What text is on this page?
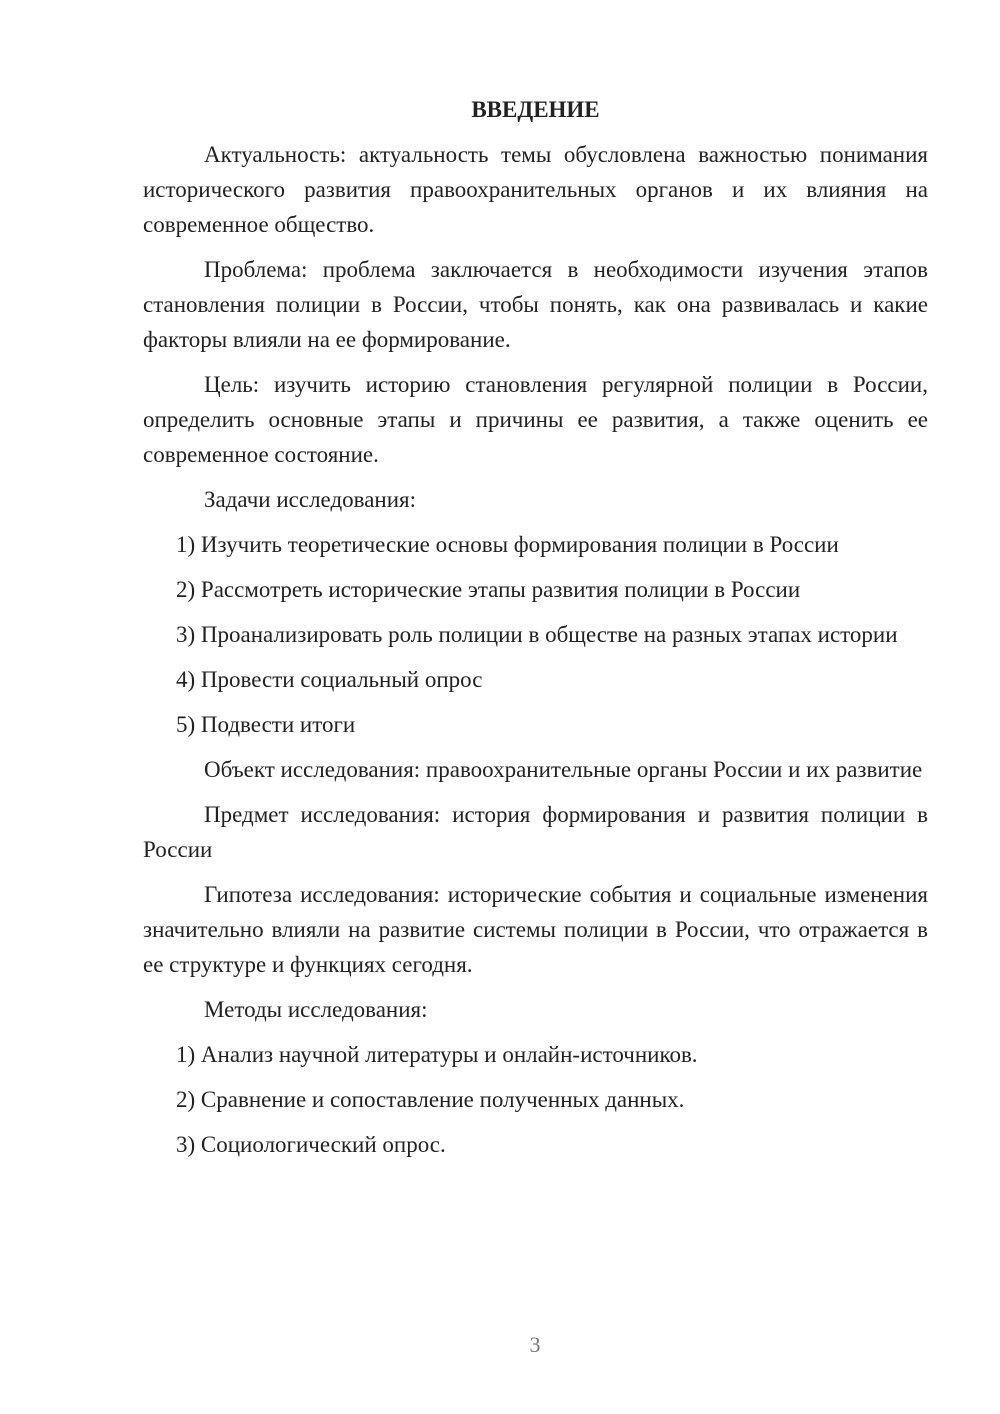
ВВЕДЕНИЕ

Актуальность: актуальность темы обусловлена важностью понимания исторического развития правоохранительных органов и их влияния на современное общество.

Проблема: проблема заключается в необходимости изучения этапов становления полиции в России, чтобы понять, как она развивалась и какие факторы влияли на ее формирование.

Цель: изучить историю становления регулярной полиции в России, определить основные этапы и причины ее развития, а также оценить ее современное состояние.

Задачи исследования:

1) Изучить теоретические основы формирования полиции в России

2) Рассмотреть исторические этапы развития полиции в России

3) Проанализировать роль полиции в обществе на разных этапах истории

4) Провести социальный опрос

5) Подвести итоги

Объект исследования: правоохранительные органы России и их развитие

Предмет исследования: история формирования и развития полиции в России

Гипотеза исследования: исторические события и социальные изменения значительно влияли на развитие системы полиции в России, что отражается в ее структуре и функциях сегодня.

Методы исследования:

1) Анализ научной литературы и онлайн-источников.

2) Сравнение и сопоставление полученных данных.

3) Социологический опрос.

3
